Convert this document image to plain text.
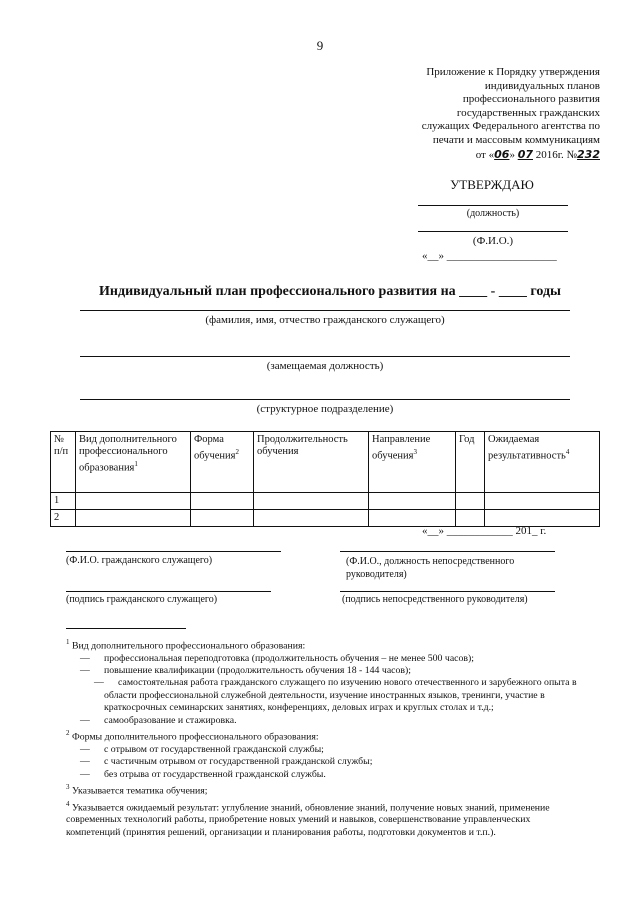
9
Приложение к Порядку утверждения
индивидуальных планов
профессионального развития
государственных гражданских
служащих Федерального агентства по
печати и массовым коммуникациям
от «06» 07 2016г. №232
УТВЕРЖДАЮ
(должность)
(Ф.И.О.)
«__» ____________________
Индивидуальный план профессионального развития на ____ - ____ годы
(фамилия, имя, отчество гражданского служащего)
(замещаемая должность)
(структурное подразделение)
№ п/п	Вид дополнительного профессионального образования$^1$	Форма обучения$^2$	Продолжительность обучения	Направление обучения$^3$	Год	Ожидаемая результативность$^4$
1						
2						
«__» ____________ 201_ г.
(Ф.И.О. гражданского служащего)	(Ф.И.О., должность непосредственного руководителя)
(подпись гражданского служащего)	(подпись непосредственного руководителя)
$^1$ Вид дополнительного профессионального образования:
— профессиональная переподготовка (продолжительность обучения – не менее 500 часов);
— повышение квалификации (продолжительность обучения 18 - 144 часов);
— самостоятельная работа гражданского служащего по изучению нового отечественного и зарубежного опыта в области профессиональной служебной деятельности, изучение иностранных языков, тренинги, участие в краткосрочных семинарских занятиях, конференциях, деловых играх и круглых столах и т.д.;
— самообразование и стажировка.
$^2$ Формы дополнительного профессионального образования:
— с отрывом от государственной гражданской службы;
— с частичным отрывом от государственной гражданской службы;
— без отрыва от государственной гражданской службы.
$^3$ Указывается тематика обучения;
$^4$ Указывается ожидаемый результат: углубление знаний, обновление знаний, получение новых знаний, применение современных технологий работы, приобретение новых умений и навыков, совершенствование управленческих компетенций (принятия решений, организации и планирования работы, подготовки документов и т.п.).
